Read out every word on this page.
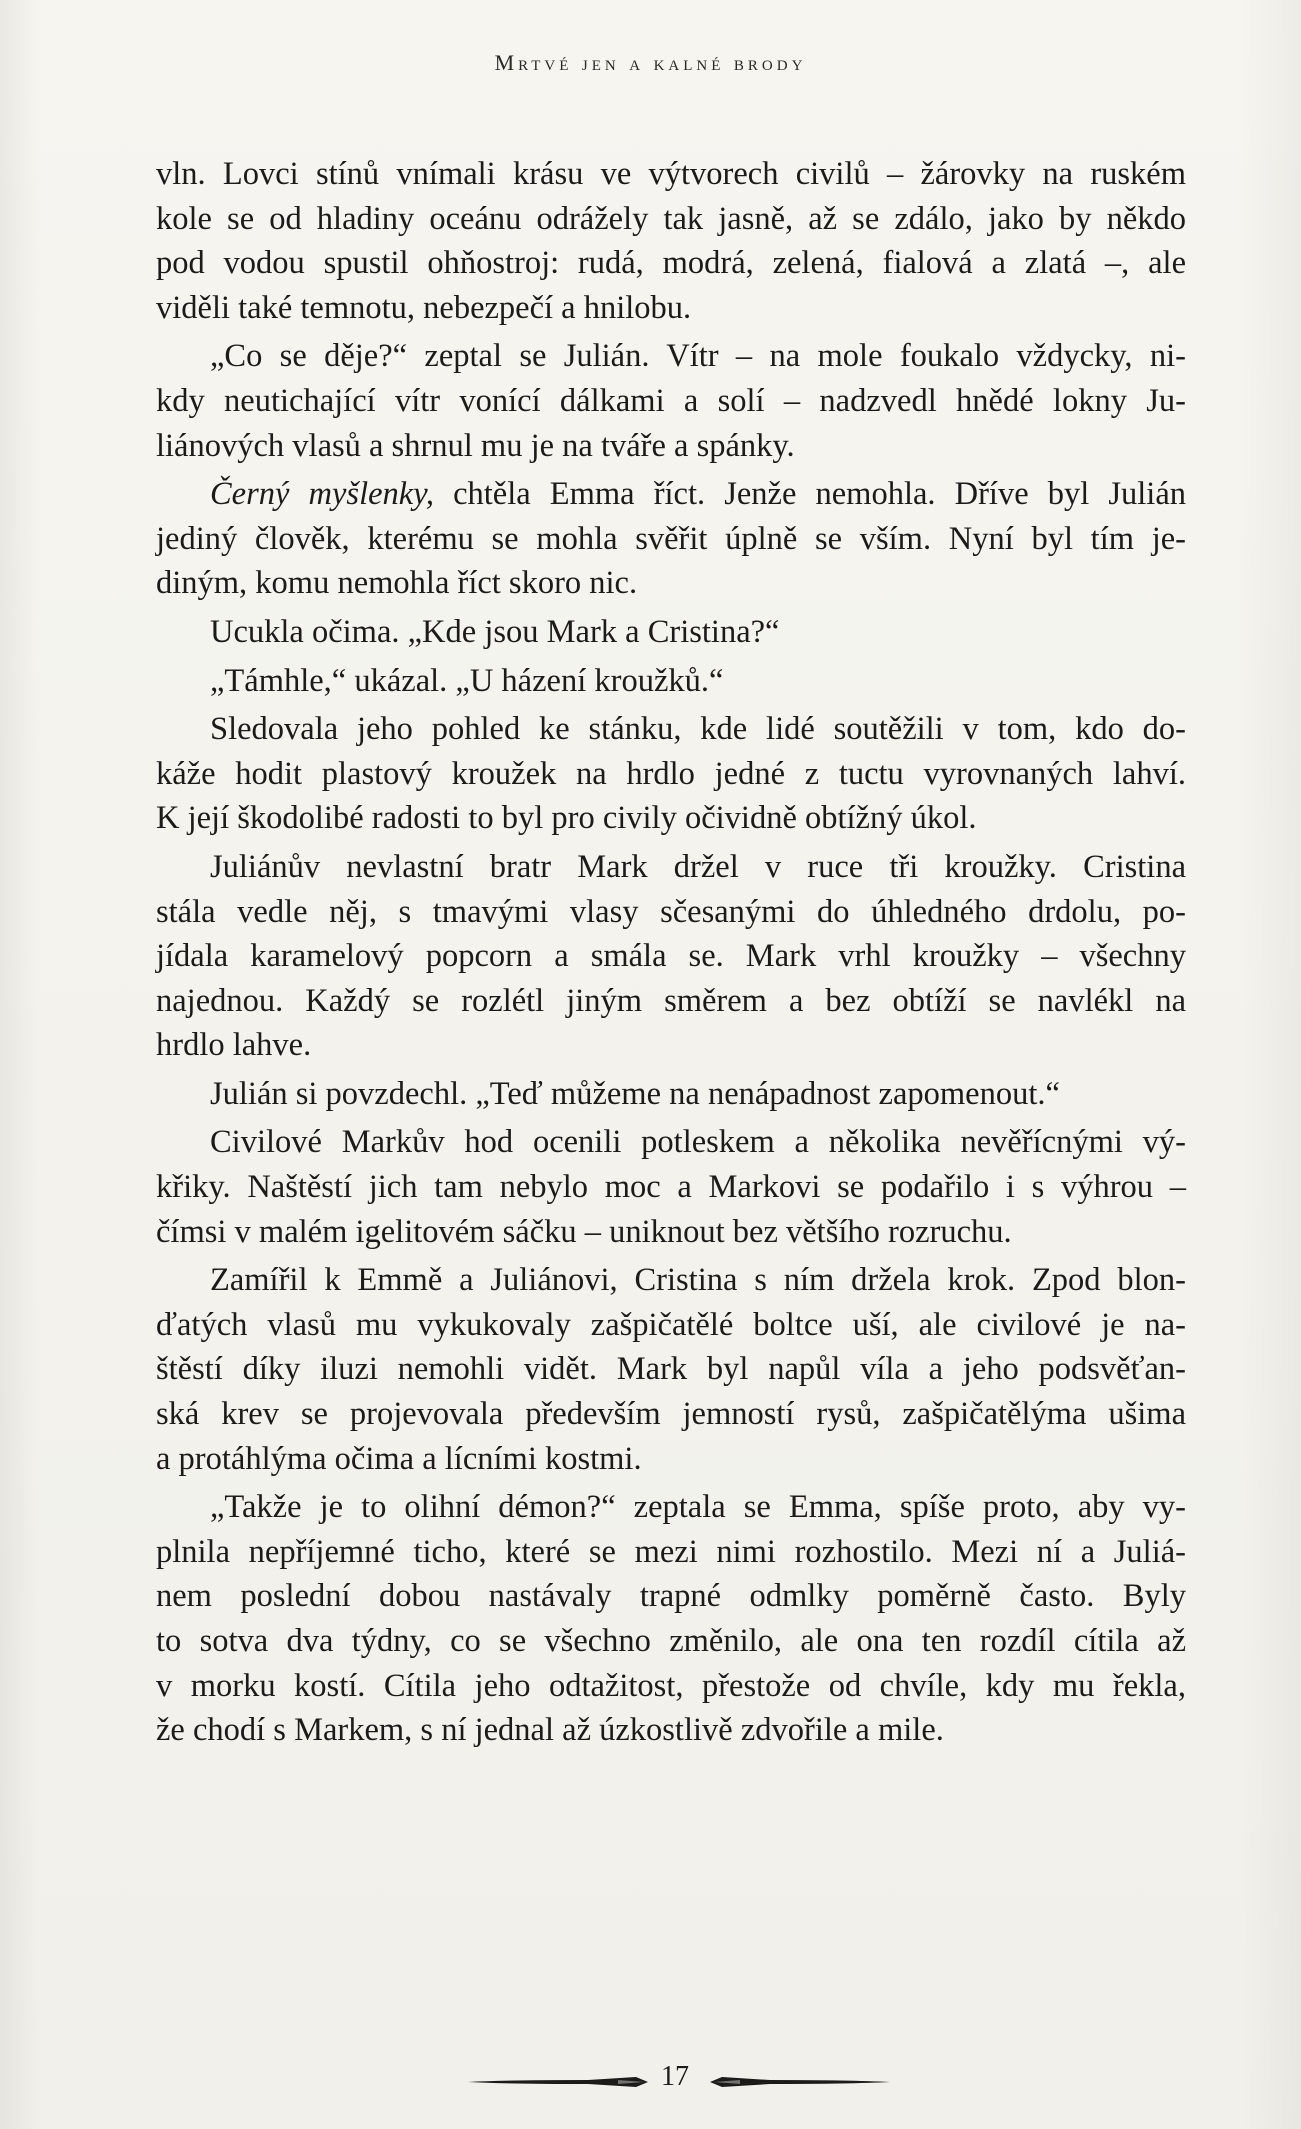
Mrtvé jen a kalné brody

vln. Lovci stínů vnímali krásu ve výtvorech civilů – žárovky na ruském
kole se od hladiny oceánu odrážely tak jasně, až se zdálo, jako by někdo
pod vodou spustil ohňostroj: rudá, modrá, zelená, fialová a zlatá –, ale
viděli také temnotu, nebezpečí a hnilobu.

„Co se děje?“ zeptal se Julián. Vítr – na mole foukalo vždycky, ni-
kdy neutichající vítr vonící dálkami a solí – nadzvedl hnědé lokny Ju-
liánových vlasů a shrnul mu je na tváře a spánky.

Černý myšlenky, chtěla Emma říct. Jenže nemohla. Dříve byl Julián
jediný člověk, kterému se mohla svěřit úplně se vším. Nyní byl tím je-
diným, komu nemohla říct skoro nic.

Ucukla očima. „Kde jsou Mark a Cristina?“

„Támhle,“ ukázal. „U házení kroužků.“

Sledovala jeho pohled ke stánku, kde lidé soutěžili v tom, kdo do-
káže hodit plastový kroužek na hrdlo jedné z tuctu vyrovnaných lahví.
K její škodolibé radosti to byl pro civily očividně obtížný úkol.

Juliánův nevlastní bratr Mark držel v ruce tři kroužky. Cristina
stála vedle něj, s tmavými vlasy sčesanými do úhledného drdolu, po-
jídala karamelový popcorn a smála se. Mark vrhl kroužky – všechny
najednou. Každý se rozlétl jiným směrem a bez obtíží se navlékl na
hrdlo lahve.

Julián si povzdechl. „Teď můžeme na nenápadnost zapomenout.“

Civilové Markův hod ocenili potleskem a několika nevěřícnými vý-
křiky. Naštěstí jich tam nebylo moc a Markovi se podařilo i s výhrou –
čímsi v malém igelitovém sáčku – uniknout bez většího rozruchu.

Zamířil k Emmě a Juliánovi, Cristina s ním držela krok. Zpod blon-
ďatých vlasů mu vykukovaly zašpičatělé boltce uší, ale civilové je na-
štěstí díky iluzi nemohli vidět. Mark byl napůl víla a jeho podsvěťan-
ská krev se projevovala především jemností rysů, zašpičatělýma ušima
a protáhlýma očima a lícními kostmi.

„Takže je to olihní démon?“ zeptala se Emma, spíše proto, aby vy-
plnila nepříjemné ticho, které se mezi nimi rozhostilo. Mezi ní a Juliá-
nem poslední dobou nastávaly trapné odmlky poměrně často. Byly
to sotva dva týdny, co se všechno změnilo, ale ona ten rozdíl cítila až
v morku kostí. Cítila jeho odtažitost, přestože od chvíle, kdy mu řekla,
že chodí s Markem, s ní jednal až úzkostlivě zdvořile a mile.

17
